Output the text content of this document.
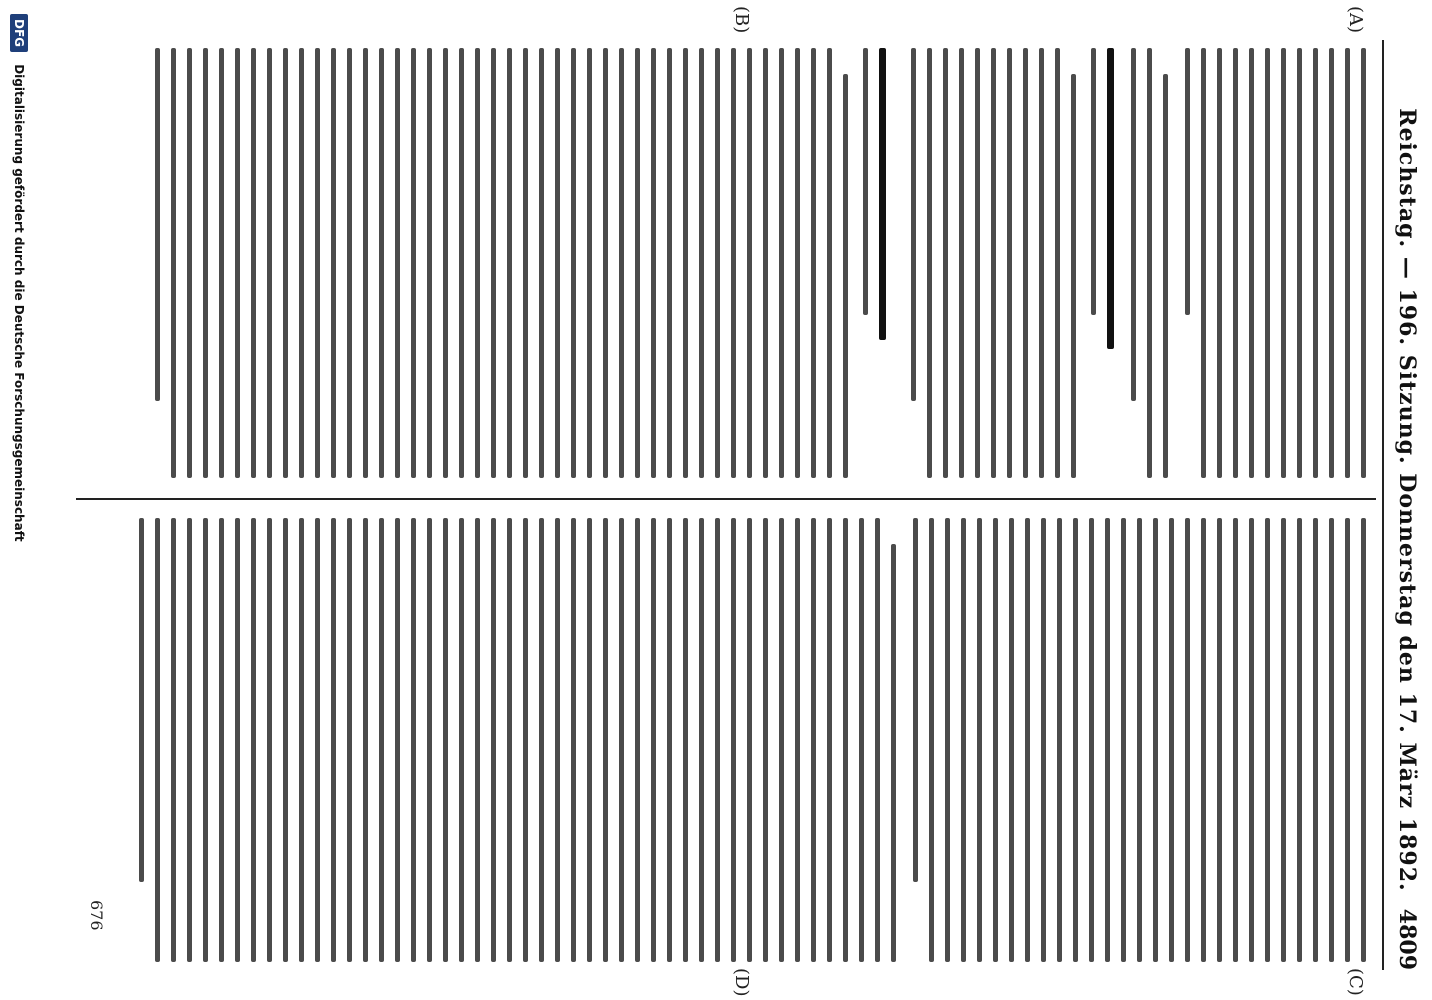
Reichstag. — 196. Sitzung. Donnerstag den 17. März 1892.
4809
(A)
(B)
(C)
(D)
676
DFG Digitalisierung gefördert durch die Deutsche Forschungsgemeinschaft
